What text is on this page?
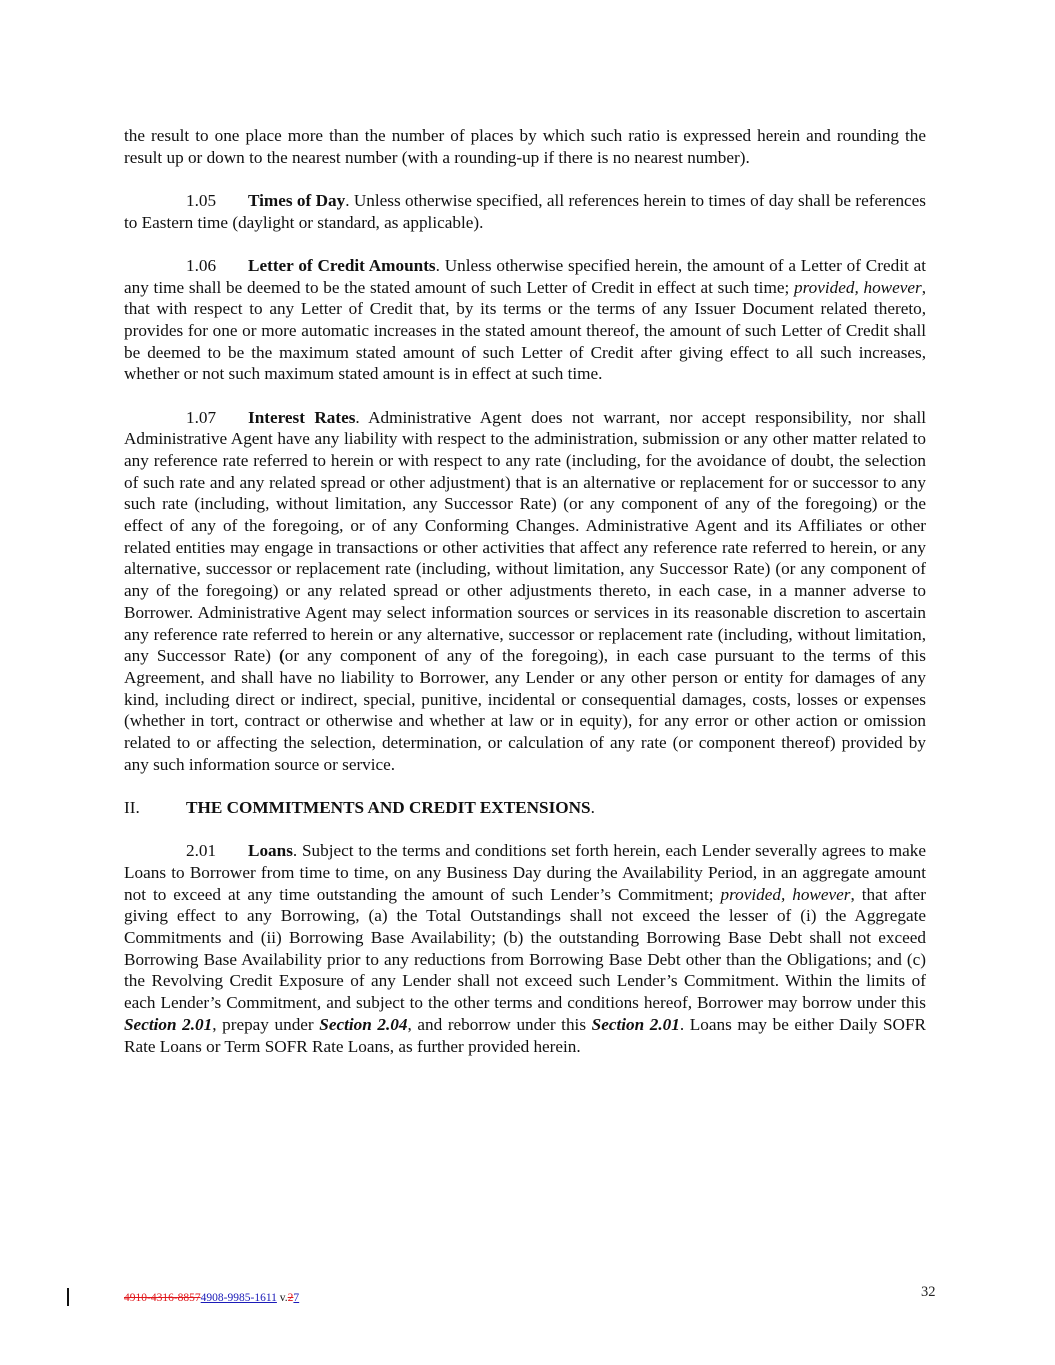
the result to one place more than the number of places by which such ratio is expressed herein and rounding the result up or down to the nearest number (with a rounding-up if there is no nearest number).

1.05 Times of Day. Unless otherwise specified, all references herein to times of day shall be references to Eastern time (daylight or standard, as applicable).

1.06 Letter of Credit Amounts. Unless otherwise specified herein, the amount of a Letter of Credit at any time shall be deemed to be the stated amount of such Letter of Credit in effect at such time; provided, however, that with respect to any Letter of Credit that, by its terms or the terms of any Issuer Document related thereto, provides for one or more automatic increases in the stated amount thereof, the amount of such Letter of Credit shall be deemed to be the maximum stated amount of such Letter of Credit after giving effect to all such increases, whether or not such maximum stated amount is in effect at such time.

1.07 Interest Rates. Administrative Agent does not warrant, nor accept responsibility, nor shall Administrative Agent have any liability with respect to the administration, submission or any other matter related to any reference rate referred to herein or with respect to any rate (including, for the avoidance of doubt, the selection of such rate and any related spread or other adjustment) that is an alternative or replacement for or successor to any such rate (including, without limitation, any Successor Rate) (or any component of any of the foregoing) or the effect of any of the foregoing, or of any Conforming Changes. Administrative Agent and its Affiliates or other related entities may engage in transactions or other activities that affect any reference rate referred to herein, or any alternative, successor or replacement rate (including, without limitation, any Successor Rate) (or any component of any of the foregoing) or any related spread or other adjustments thereto, in each case, in a manner adverse to Borrower. Administrative Agent may select information sources or services in its reasonable discretion to ascertain any reference rate referred to herein or any alternative, successor or replacement rate (including, without limitation, any Successor Rate) (or any component of any of the foregoing), in each case pursuant to the terms of this Agreement, and shall have no liability to Borrower, any Lender or any other person or entity for damages of any kind, including direct or indirect, special, punitive, incidental or consequential damages, costs, losses or expenses (whether in tort, contract or otherwise and whether at law or in equity), for any error or other action or omission related to or affecting the selection, determination, or calculation of any rate (or component thereof) provided by any such information source or service.

II.	THE COMMITMENTS AND CREDIT EXTENSIONS.

2.01 Loans. Subject to the terms and conditions set forth herein, each Lender severally agrees to make Loans to Borrower from time to time, on any Business Day during the Availability Period, in an aggregate amount not to exceed at any time outstanding the amount of such Lender’s Commitment; provided, however, that after giving effect to any Borrowing, (a) the Total Outstandings shall not exceed the lesser of (i) the Aggregate Commitments and (ii) Borrowing Base Availability; (b) the outstanding Borrowing Base Debt shall not exceed Borrowing Base Availability prior to any reductions from Borrowing Base Debt other than the Obligations; and (c) the Revolving Credit Exposure of any Lender shall not exceed such Lender’s Commitment. Within the limits of each Lender’s Commitment, and subject to the other terms and conditions hereof, Borrower may borrow under this Section 2.01, prepay under Section 2.04, and reborrow under this Section 2.01. Loans may be either Daily SOFR Rate Loans or Term SOFR Rate Loans, as further provided herein.

4910-4316-88574908-9985-1611 v.27	32
